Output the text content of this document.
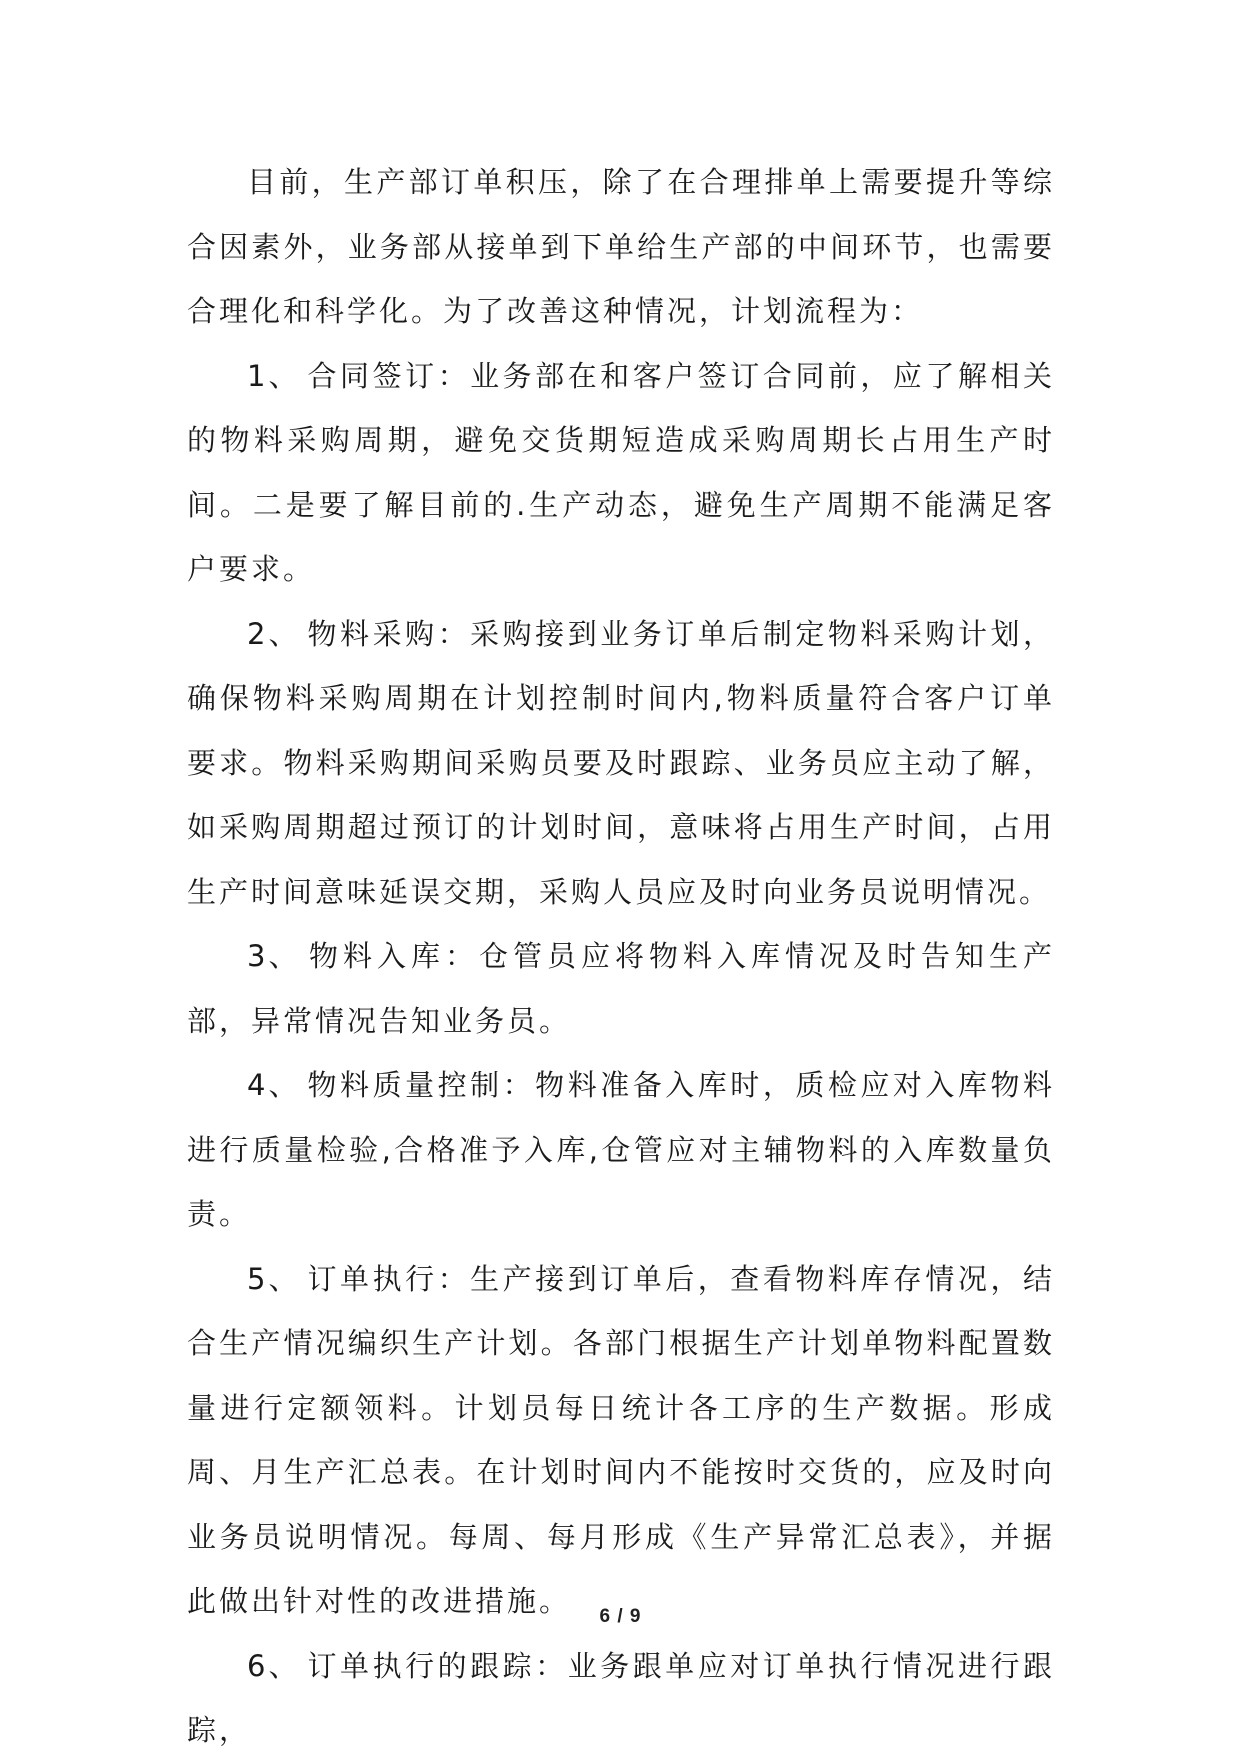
目前，生产部订单积压，除了在合理排单上需要提升等综合因素外，业务部从接单到下单给生产部的中间环节，也需要合理化和科学化。为了改善这种情况，计划流程为：

1、 合同签订：业务部在和客户签订合同前，应了解相关的物料采购周期，避免交货期短造成采购周期长占用生产时间。二是要了解目前的.生产动态，避免生产周期不能满足客户要求。

2、 物料采购：采购接到业务订单后制定物料采购计划，确保物料采购周期在计划控制时间内,物料质量符合客户订单要求。物料采购期间采购员要及时跟踪、业务员应主动了解，如采购周期超过预订的计划时间，意味将占用生产时间，占用生产时间意味延误交期，采购人员应及时向业务员说明情况。

3、 物料入库：仓管员应将物料入库情况及时告知生产部，异常情况告知业务员。

4、 物料质量控制：物料准备入库时，质检应对入库物料进行质量检验,合格准予入库,仓管应对主辅物料的入库数量负责。

5、 订单执行：生产接到订单后，查看物料库存情况，结合生产情况编织生产计划。各部门根据生产计划单物料配置数量进行定额领料。计划员每日统计各工序的生产数据。形成周、月生产汇总表。在计划时间内不能按时交货的，应及时向业务员说明情况。每周、每月形成《生产异常汇总表》，并据此做出针对性的改进措施。

6、 订单执行的跟踪：业务跟单应对订单执行情况进行跟踪，

6 / 9
